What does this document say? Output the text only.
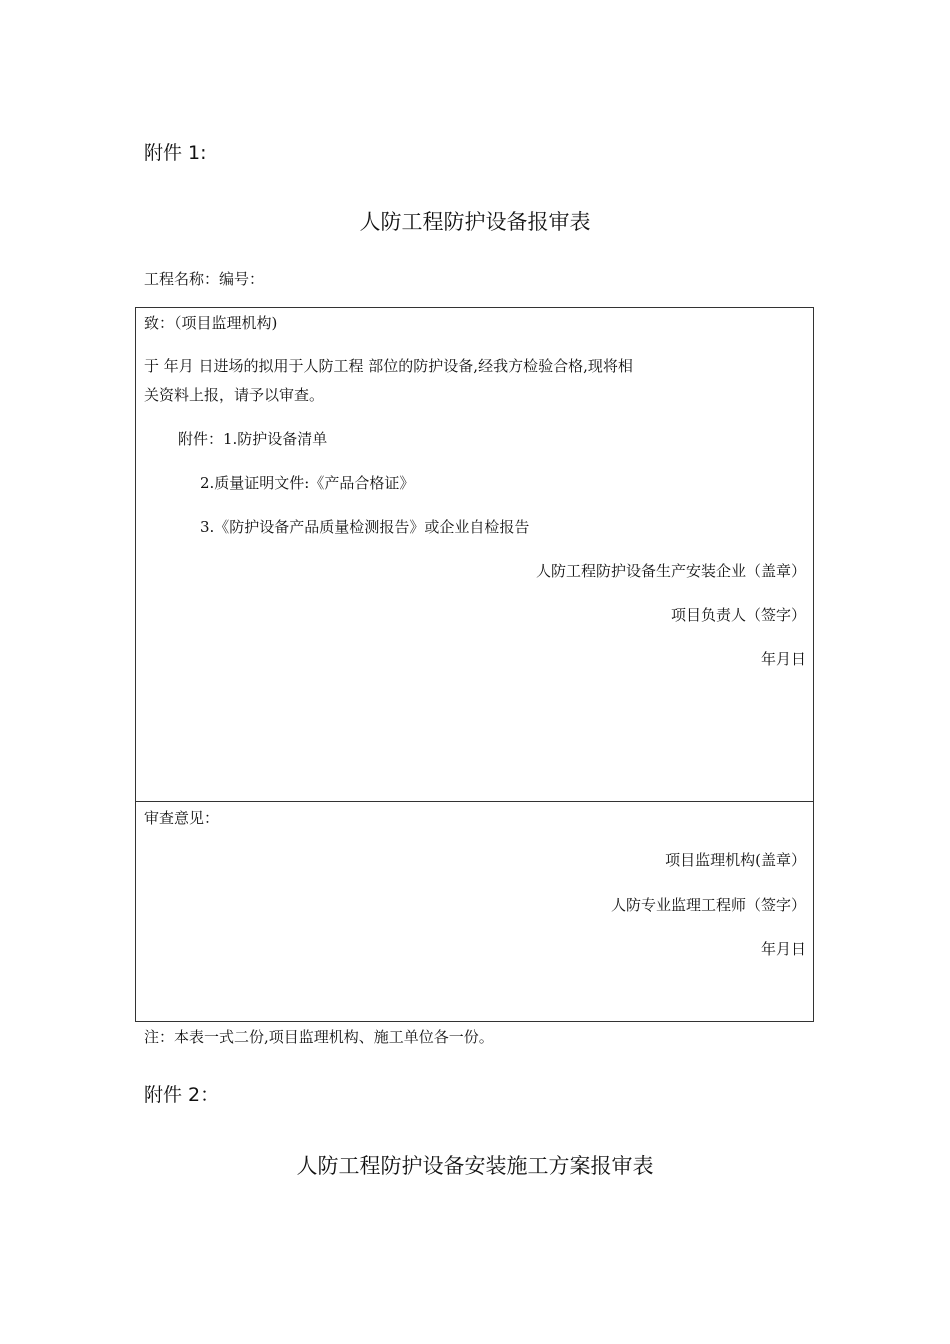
附件 1:
人防工程防护设备报审表
工程名称：编号：
致：（项目监理机构)
于 年月 日进场的拟用于人防工程 部位的防护设备,经我方检验合格,现将相
关资料上报，请予以审查。
附件：1.防护设备清单
2.质量证明文件:《产品合格证》
3.《防护设备产品质量检测报告》或企业自检报告
人防工程防护设备生产安装企业（盖章）
项目负责人（签字）
年月日
审查意见：
项目监理机构(盖章）
人防专业监理工程师（签字）
年月日
注：本表一式二份,项目监理机构、施工单位各一份。
附件 2：
人防工程防护设备安装施工方案报审表
